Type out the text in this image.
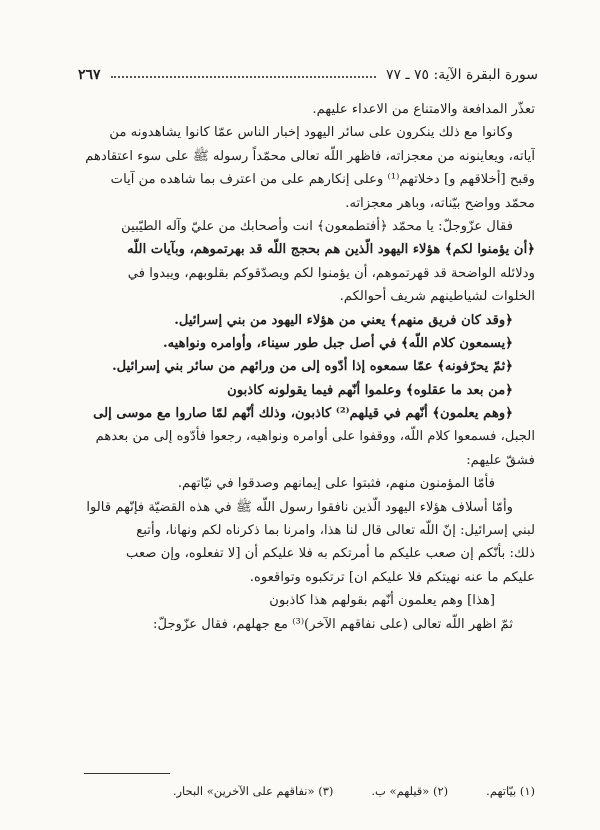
سورة البقرة الآية: ٧٥ ـ ٧٧
٢٦٧
تعذّر المدافعة والامتناع من الاعداء عليهم.
وكانوا مع ذلك ينكرون على سائر اليهود إخبار الناس عمّا كانوا يشاهدونه من
آياته، ويعاينونه من معجزاته، فاظهر اللّه تعالى محمّداً رسوله ﷺ على سوء اعتقادهم
وقبح [أخلاقهم و] دخلاتهم⁽¹⁾ وعلى إنكارهم على من اعترف بما شاهده من آيات
محمّد وواضح بيّناته، وباهر معجزاته.
فقال عزّوجلّ: يا محمّد ﴿أفتطمعون﴾ انت وأصحابك من عليّ وآله الطيّبين
﴿أن يؤمنوا لكم﴾ هؤلاء اليهود الّذين هم بحجج اللّه قد بهرتموهم، وبآيات اللّه
ودلائله الواضحة قد قهرتموهم، أن يؤمنوا لكم ويصدّقوكم بقلوبهم، ويبدوا في
الخلوات لشياطينهم شريف أحوالكم.
﴿وقد كان فريق منهم﴾ يعني من هؤلاء اليهود من بني إسرائيل.
﴿يسمعون كلام اللّه﴾ في أصل جبل طور سيناء، وأوامره ونواهيه.
﴿ثمّ يحرّفونه﴾ عمّا سمعوه إذا أدّوه إلى من ورائهم من سائر بني إسرائيل.
﴿من بعد ما عقلوه﴾ وعلموا أنّهم فيما يقولونه كاذبون
﴿وهم يعلمون﴾ أنّهم في قيلهم⁽²⁾ كاذبون، وذلك أنّهم لمّا صاروا مع موسى إلى
الجبل، فسمعوا كلام اللّه، ووقفوا على أوامره ونواهيه، رجعوا فأدّوه إلى من بعدهم
فشقّ عليهم:
فأمّا المؤمنون منهم، فثبتوا على إيمانهم وصدقوا في نيّاتهم.
وأمّا أسلاف هؤلاء اليهود الّذين نافقوا رسول اللّه ﷺ في هذه القضيّة فإنّهم قالوا
لبني إسرائيل: إنّ اللّه تعالى قال لنا هذا، وامرنا بما ذكرناه لكم ونهانا، وأتبع
ذلك: بأنّكم إن صعب عليكم ما أمرتكم به فلا عليكم أن [لا تفعلوه، وإن صعب
عليكم ما عنه نهيتكم فلا عليكم ان] ترتكبوه وتواقعوه.
[هذا] وهم يعلمون أنّهم بقولهم هذا كاذبون
ثمّ اظهر اللّه تعالى (على نفاقهم الآخر)⁽³⁾ مع جهلهم، فقال عزّوجلّ:
(١) بيّاتهم.
(٢) «قيلهم» ب.
(٣) «نفاقهم على الآخرين» البحار.
